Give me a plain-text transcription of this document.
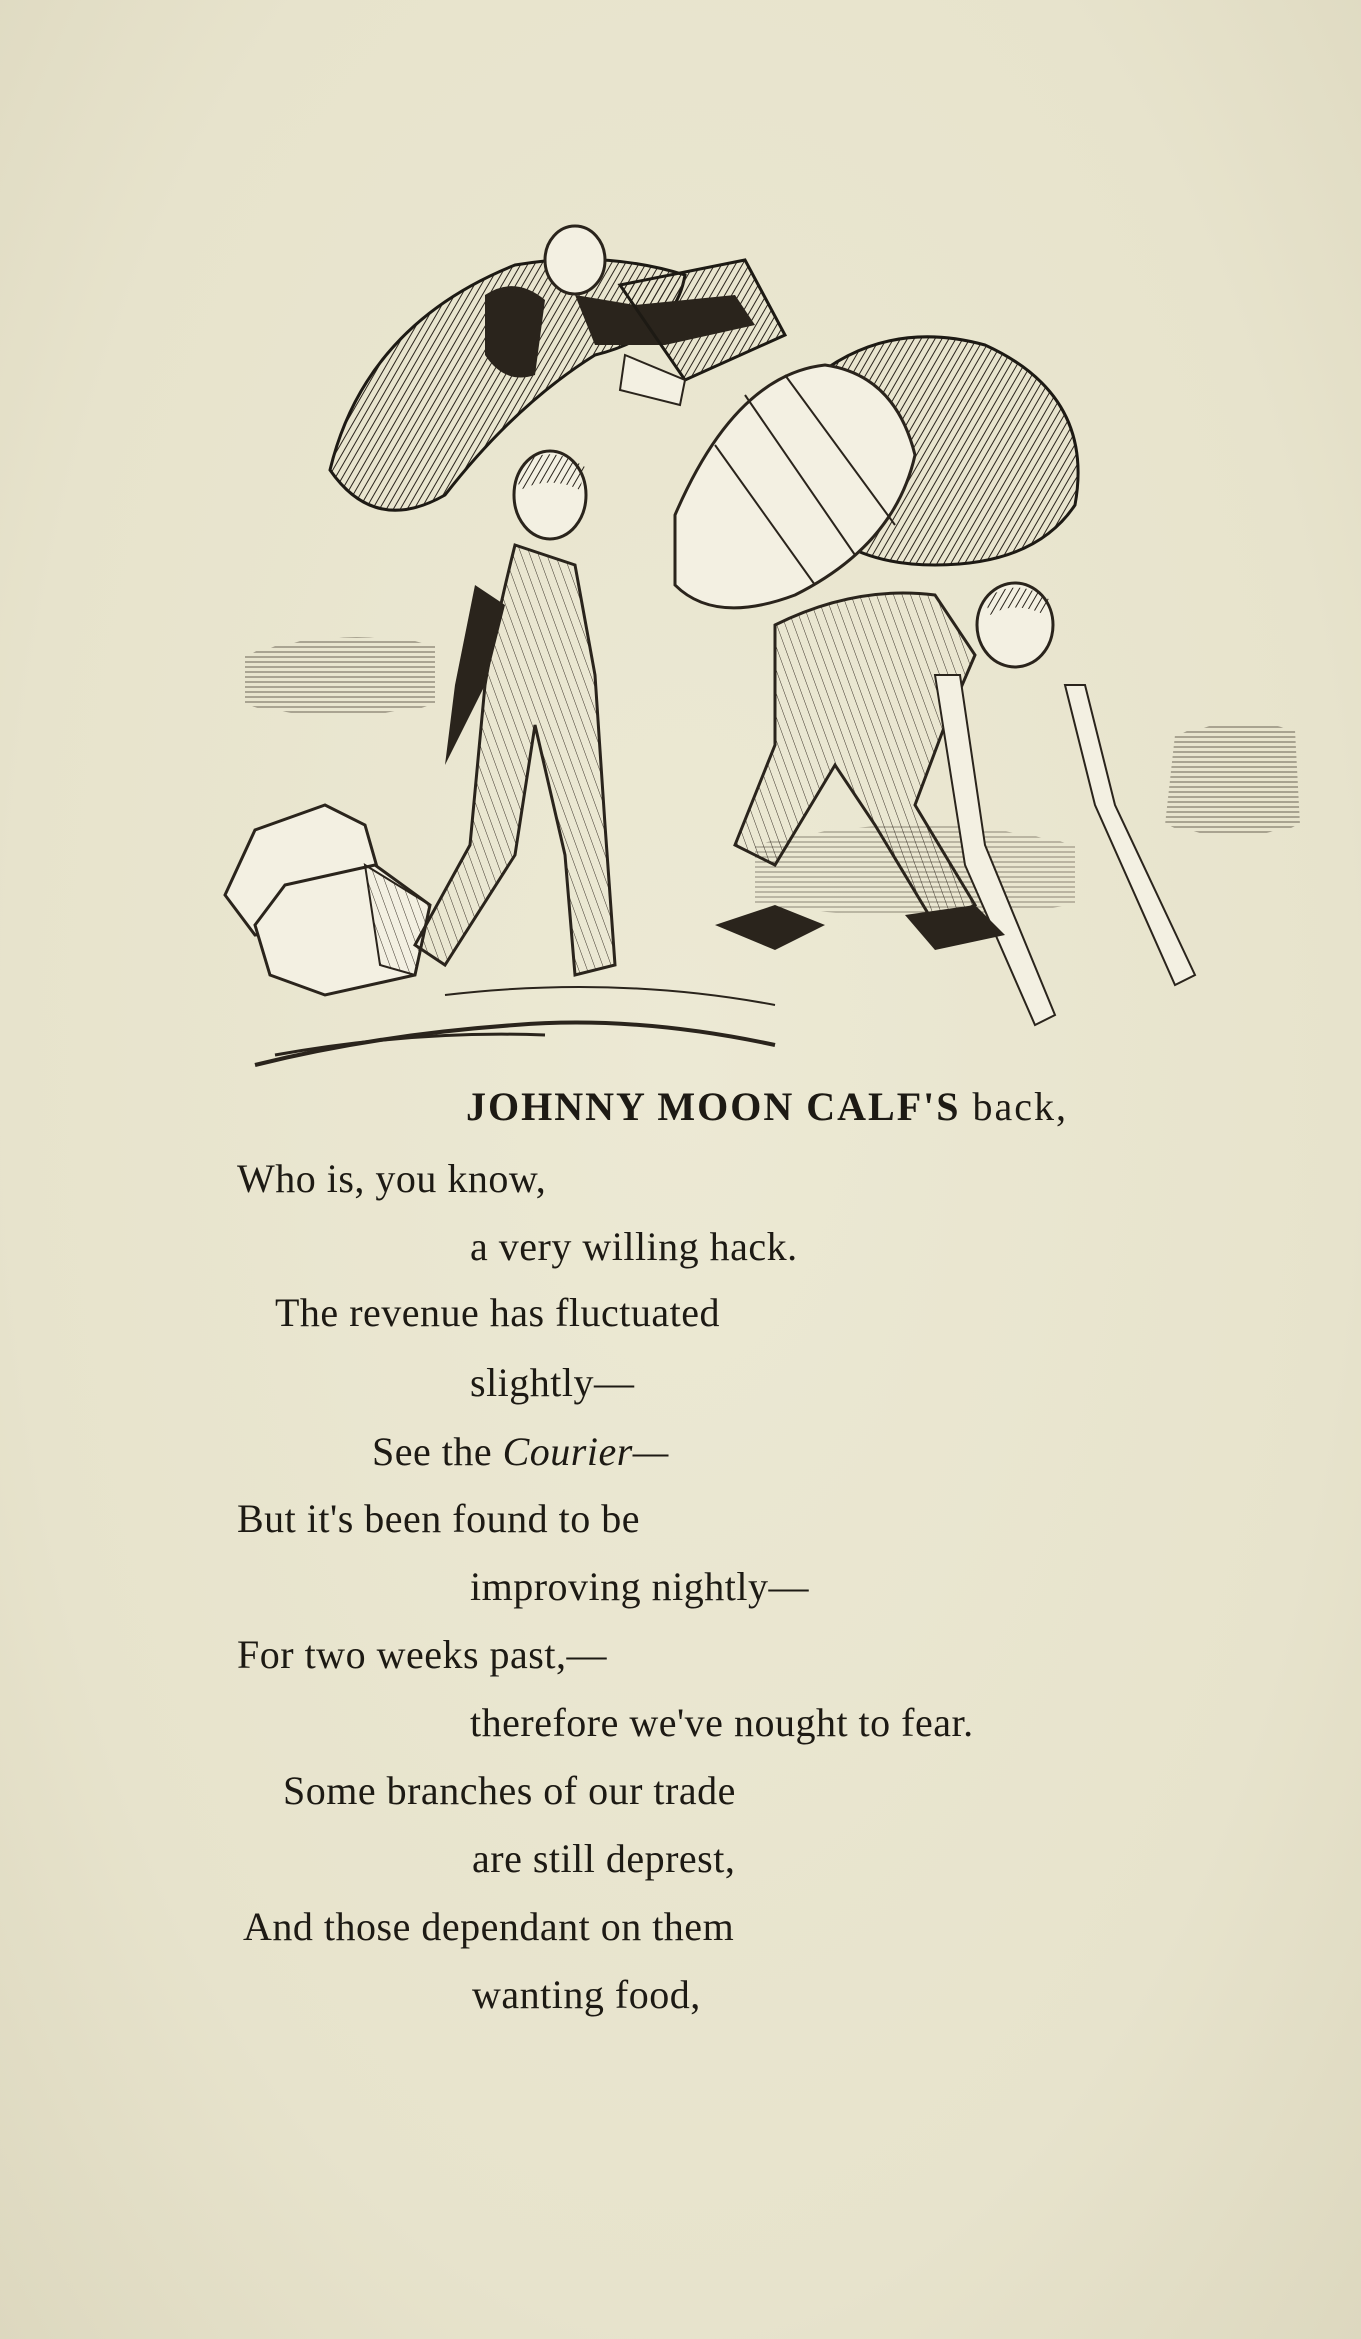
JOHNNY MOON CALF'S back,
Who is, you know,
a very willing hack.
The revenue has fluctuated
slightly—
See the Courier—
But it's been found to be
improving nightly—
For two weeks past,—
therefore we've nought to fear.
Some branches of our trade
are still deprest,
And those dependant on them
wanting food,
